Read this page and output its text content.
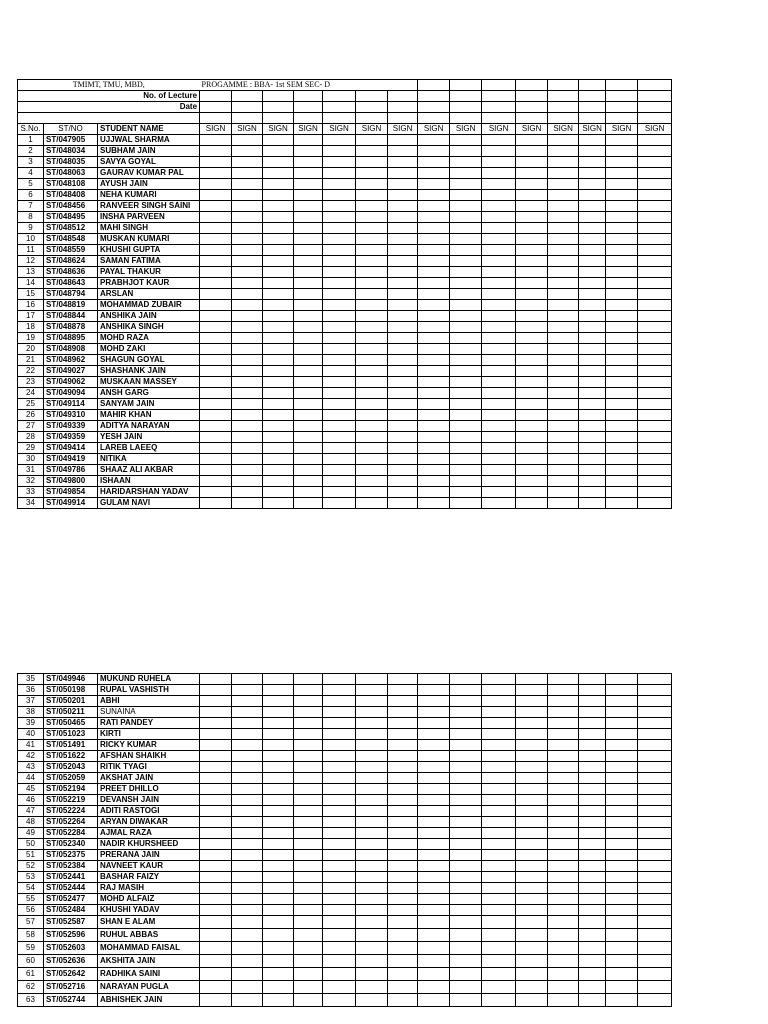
TMIMT, TMU, MBD,			PROGAMME : BBA- 1st SEM SEC- D															
No. of Lecture																		
Date																		

S.No.	ST/NO	STUDENT NAME	SIGN	SIGN	SIGN	SIGN	SIGN	SIGN	SIGN	SIGN	SIGN	SIGN	SIGN	SIGN	SIGN	SIGN	SIGN	
1	ST/047905	UJJWAL SHARMA																
2	ST/048034	SUBHAM JAIN																
3	ST/048035	SAVYA GOYAL																
4	ST/048063	GAURAV KUMAR PAL																
5	ST/048108	AYUSH JAIN																
6	ST/048408	NEHA KUMARI																
7	ST/048456	RANVEER SINGH SAINI																
8	ST/048495	INSHA PARVEEN																
9	ST/048512	MAHI SINGH																
10	ST/048548	MUSKAN KUMARI																
11	ST/048559	KHUSHI GUPTA																
12	ST/048624	SAMAN FATIMA																
13	ST/048636	PAYAL THAKUR																
14	ST/048643	PRABHJOT KAUR																
15	ST/048794	ARSLAN																
16	ST/048819	MOHAMMAD ZUBAIR																
17	ST/048844	ANSHIKA JAIN																
18	ST/048878	ANSHIKA SINGH																
19	ST/048895	MOHD RAZA																
20	ST/048908	MOHD ZAKI																
21	ST/048962	SHAGUN GOYAL																
22	ST/049027	SHASHANK JAIN																
23	ST/049062	MUSKAAN MASSEY																
24	ST/049094	ANSH GARG																
25	ST/049114	SANYAM JAIN																
26	ST/049310	MAHIR KHAN																
27	ST/049339	ADITYA NARAYAN																
28	ST/049359	YESH JAIN																
29	ST/049414	LAREB LAEEQ																
30	ST/049419	NITIKA																
31	ST/049786	SHAAZ ALI AKBAR																
32	ST/049800	ISHAAN																
33	ST/049854	HARIDARSHAN YADAV																
34	ST/049914	GULAM NAVI																
35	ST/049946	MUKUND RUHELA																
36	ST/050198	RUPAL VASHISTH																
37	ST/050201	ABHI																
38	ST/050211	SUNAINA																
39	ST/050465	RATI PANDEY																
40	ST/051023	KIRTI																
41	ST/051491	RICKY KUMAR																
42	ST/051622	AFSHAN SHAIKH																
43	ST/052043	RITIK TYAGI																
44	ST/052059	AKSHAT JAIN																
45	ST/052194	PREET DHILLO																
46	ST/052219	DEVANSH JAIN																
47	ST/052224	ADITI RASTOGI																
48	ST/052264	ARYAN DIWAKAR																
49	ST/052284	AJMAL RAZA																
50	ST/052340	NADIR KHURSHEED																
51	ST/052375	PRERANA JAIN																
52	ST/052384	NAVNEET KAUR																
53	ST/052441	BASHAR FAIZY																
54	ST/052444	RAJ MASIH																
55	ST/052477	MOHD ALFAIZ																
56	ST/052484	KHUSHI YADAV																
57	ST/052587	SHAN E ALAM																
58	ST/052596	RUHUL ABBAS																
59	ST/052603	MOHAMMAD FAISAL																
60	ST/052636	AKSHITA JAIN																
61	ST/052642	RADHIKA SAINI																
62	ST/052716	NARAYAN PUGLA																
63	ST/052744	ABHISHEK JAIN																
